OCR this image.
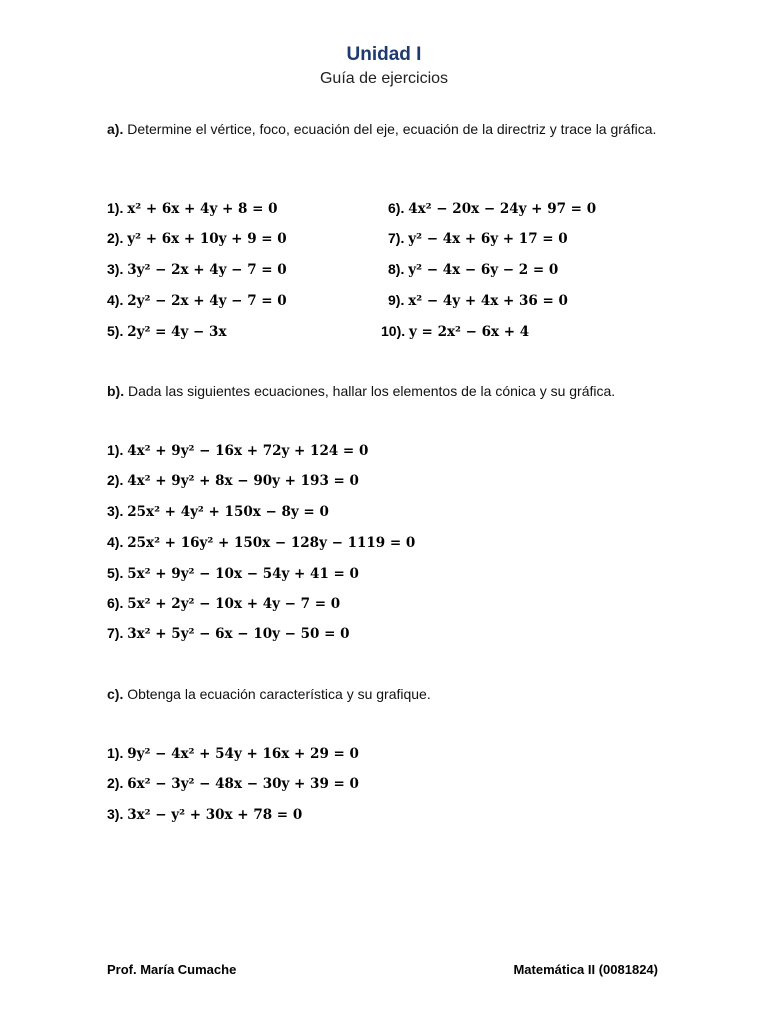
Unidad I
Guía de ejercicios
a). Determine el vértice, foco, ecuación del eje, ecuación de la directriz y trace la gráfica.
1). x² + 6x + 4y + 8 = 0
2). y² + 6x + 10y + 9 = 0
3). 3y² − 2x + 4y − 7 = 0
4). 2y² − 2x + 4y − 7 = 0
5). 2y² = 4y − 3x
6). 4x² − 20x − 24y + 97 = 0
7). y² − 4x + 6y + 17 = 0
8). y² − 4x − 6y − 2 = 0
9). x² − 4y + 4x + 36 = 0
10). y = 2x² − 6x + 4
b). Dada las siguientes ecuaciones, hallar los elementos de la cónica y su gráfica.
1). 4x² + 9y² − 16x + 72y + 124 = 0
2). 4x² + 9y² + 8x − 90y + 193 = 0
3). 25x² + 4y² + 150x − 8y = 0
4). 25x² + 16y² + 150x − 128y − 1119 = 0
5). 5x² + 9y² − 10x − 54y + 41 = 0
6). 5x² + 2y² − 10x + 4y − 7 = 0
7). 3x² + 5y² − 6x − 10y − 50 = 0
c). Obtenga la ecuación característica y su grafique.
1). 9y² − 4x² + 54y + 16x + 29 = 0
2). 6x² − 3y² − 48x − 30y + 39 = 0
3). 3x² − y² + 30x + 78 = 0
Prof. María Cumache	Matemática II (0081824)
